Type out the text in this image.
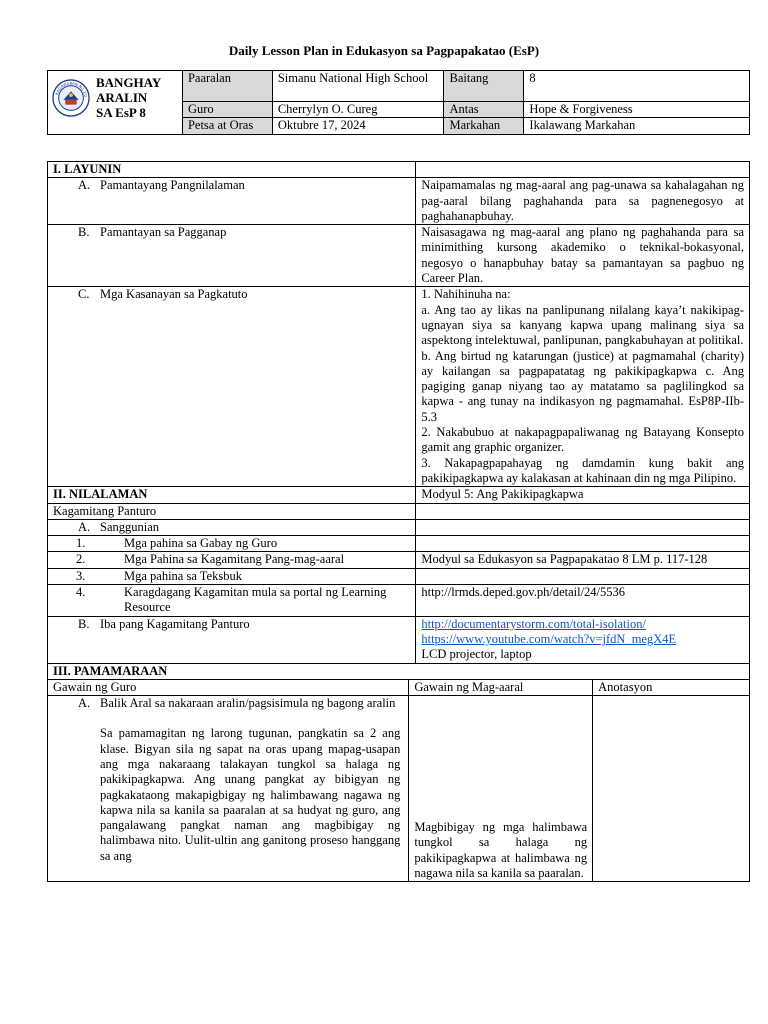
Daily Lesson Plan in Edukasyon sa Pagpapakatao (EsP)
KAGAWARAN NG ED
BANGHAY
ARALIN
SA EsP 8	Paaralan	Simanu National High School	Baitang	8
	Guro	Cherrylyn O. Cureg	Antas	Hope & Forgiveness
	Petsa at Oras	Oktubre 17, 2024	Markahan	Ikalawang Markahan
I. LAYUNIN			
A. Pamantayang Pangnilalaman		Naipamamalas ng mag-aaral ang pag-unawa sa kahalagahan ng pag-aaral bilang paghahanda para sa pagnenegosyo at paghahanapbuhay.	
B. Pamantayan sa Pagganap		Naisasagawa ng mag-aaral ang plano ng paghahanda para sa minimithing kursong akademiko o teknikal-bokasyonal, negosyo o hanapbuhay batay sa pamantayan sa pagbuo ng Career Plan.	
C. Mga Kasanayan sa Pagkatuto		1. Nahihinuha na:
a. Ang tao ay likas na panlipunang nilalang kaya’t nakikipag-ugnayan siya sa kanyang kapwa upang malinang siya sa aspektong intelektuwal, panlipunan, pangkabuhayan at politikal.
b. Ang birtud ng katarungan (justice) at pagmamahal (charity) ay kailangan sa pagpapatatag ng pakikipagkapwa c. Ang pagiging ganap niyang tao ay matatamo sa paglilingkod sa kapwa - ang tunay na indikasyon ng pagmamahal. EsP8P-IIb-5.3
2. Nakabubuo at nakapagpapaliwanag ng Batayang Konsepto gamit ang graphic organizer.
3. Nakapagpapahayag ng damdamin kung bakit ang pakikipagkapwa ay kalakasan at kahinaan din ng mga Pilipino.	

II. NILALAMAN		Modyul 5: Ang Pakikipagkapwa	
Kagamitang Panturo			
A. Sanggunian			
1. Mga pahina sa Gabay ng Guro			
2. Mga Pahina sa Kagamitang Pang-mag-aaral		Modyul sa Edukasyon sa Pagpapakatao 8 LM p. 117-128	
3. Mga pahina sa Teksbuk			
4. Karagdagang Kagamitan mula sa portal ng Learning Resource		http://lrmds.deped.gov.ph/detail/24/5536	
B. Iba pang Kagamitang Panturo		http://documentarystorm.com/total-isolation/
https://www.youtube.com/watch?v=jfdN_megX4E
LCD projector, laptop	

III. PAMAMARAAN			
Gawain ng Guro	Gawain ng Mag-aaral		Anotasyon

A. Balik Aral sa nakaraan aralin/pagsisimula ng bagong aralin
Sa pamamagitan ng larong tugunan, pangkatin sa 2 ang klase. Bigyan sila ng sapat na oras upang mapag-usapan ang mga nakaraang talakayan tungkol sa halaga ng pakikipagkapwa. Ang unang pangkat ay bibigyan ng pagkakataong makapigbigay ng halimbawang nagawa ng kapwa nila sa kanila sa paaralan at sa hudyat ng guro, ang pangalawang pangkat naman ang magbibigay ng halimbawa nito. Uulit-ultin ang ganitong proseso hanggang sa ang	Magbibigay ng mga halimbawa tungkol sa halaga ng pakikipagkapwa at halimbawa ng nagawa nila sa kanila sa paaralan.		
